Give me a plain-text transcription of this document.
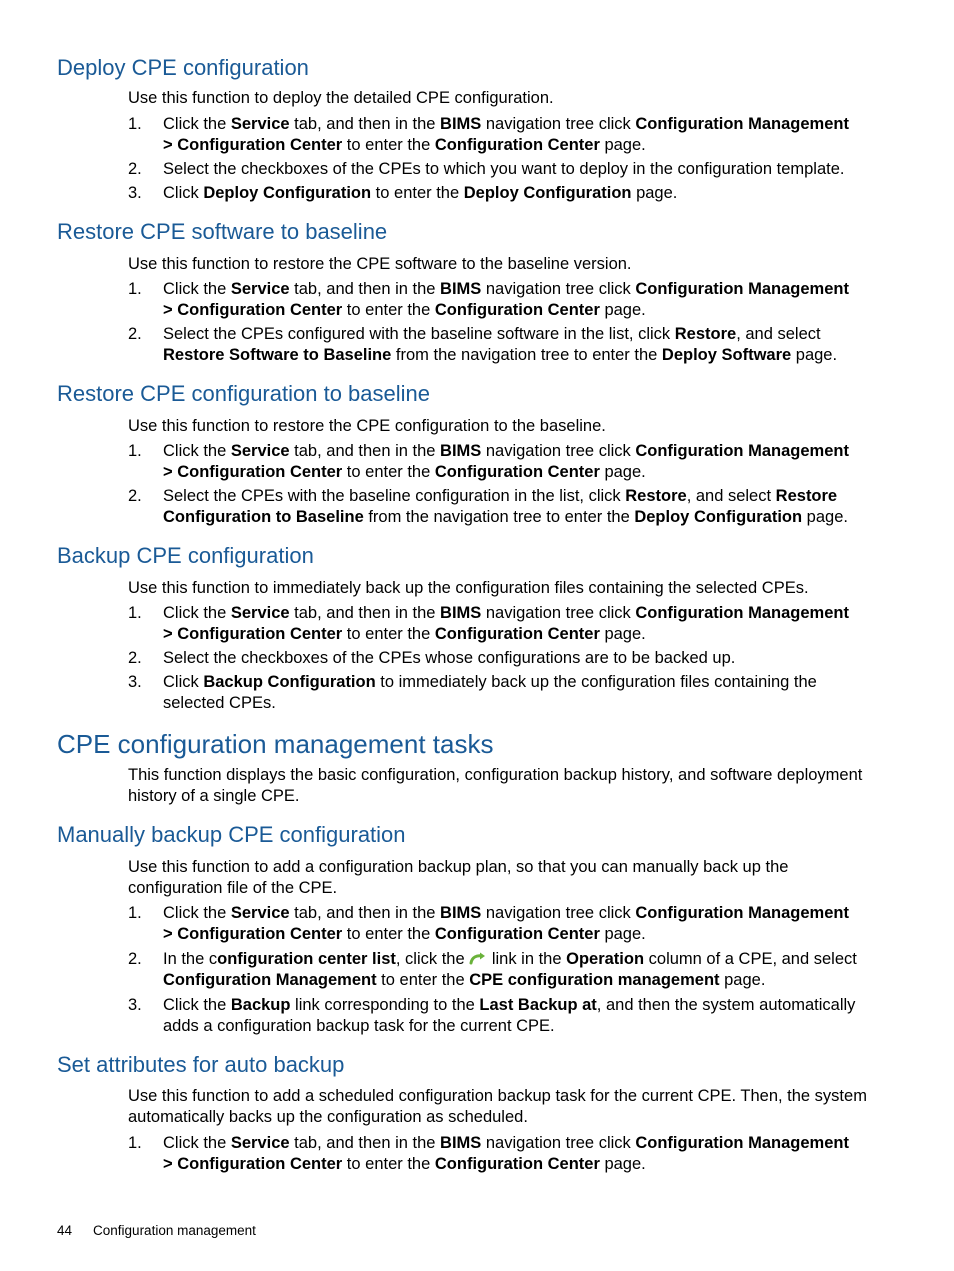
Deploy CPE configuration

Use this function to deploy the detailed CPE configuration.

1. Click the Service tab, and then in the BIMS navigation tree click Configuration Management
> Configuration Center to enter the Configuration Center page.
2. Select the checkboxes of the CPEs to which you want to deploy in the configuration template.
3. Click Deploy Configuration to enter the Deploy Configuration page.
Restore CPE software to baseline

Use this function to restore the CPE software to the baseline version.

1. Click the Service tab, and then in the BIMS navigation tree click Configuration Management
> Configuration Center to enter the Configuration Center page.
2. Select the CPEs configured with the baseline software in the list, click Restore, and select
Restore Software to Baseline from the navigation tree to enter the Deploy Software page.
Restore CPE configuration to baseline

Use this function to restore the CPE configuration to the baseline.

1. Click the Service tab, and then in the BIMS navigation tree click Configuration Management
> Configuration Center to enter the Configuration Center page.
2. Select the CPEs with the baseline configuration in the list, click Restore, and select Restore Configuration to Baseline from the navigation tree to enter the Deploy Configuration page.
Backup CPE configuration

Use this function to immediately back up the configuration files containing the selected CPEs.

1. Click the Service tab, and then in the BIMS navigation tree click Configuration Management
> Configuration Center to enter the Configuration Center page.
2. Select the checkboxes of the CPEs whose configurations are to be backed up.
3. Click Backup Configuration to immediately back up the configuration files containing the selected CPEs.
CPE configuration management tasks

This function displays the basic configuration, configuration backup history, and software deployment history of a single CPE.

Manually backup CPE configuration

Use this function to add a configuration backup plan, so that you can manually back up the configuration file of the CPE.

1. Click the Service tab, and then in the BIMS navigation tree click Configuration Management
> Configuration Center to enter the Configuration Center page.
2. In the configuration center list, click the  link in the Operation column of a CPE, and select
Configuration Management to enter the CPE configuration management page.
3. Click the Backup link corresponding to the Last Backup at, and then the system automatically adds a configuration backup task for the current CPE.
Set attributes for auto backup

Use this function to add a scheduled configuration backup task for the current CPE. Then, the system automatically backs up the configuration as scheduled.

1. Click the Service tab, and then in the BIMS navigation tree click Configuration Management
> Configuration Center to enter the Configuration Center page.
44 Configuration management
